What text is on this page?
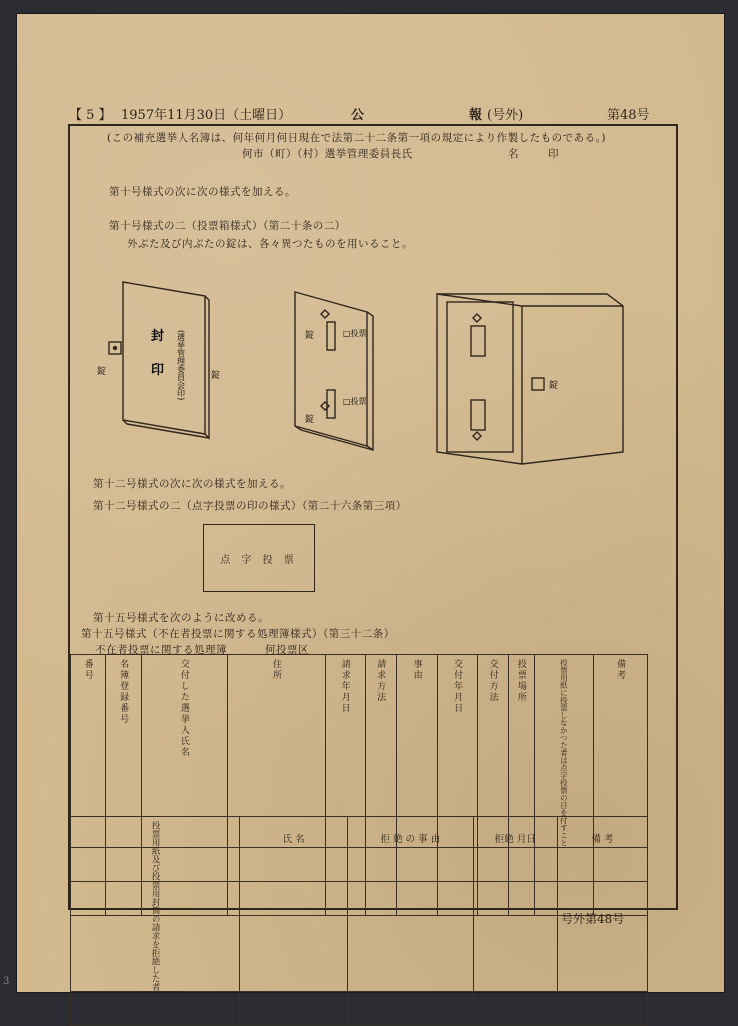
【 5 】 1957年11月30日（土曜日）	公	報 (号外)	第48号
(この補充選挙人名簿は、何年何月何日現在で法第二十二条第一項の規定により作製したものである。)
何市（町）（村）選挙管理委員長氏	名	印
第十号様式の次に次の様式を加える。
第十号様式の二（投票箱様式）（第二十条の二）
外ぶた及び内ぶたの錠は、各々異つたものを用いること。
錠
封
印 (選挙管理委員会印)	錠
錠
錠
□投票
□投票
錠
第十二号様式の次に次の様式を加える。
第十二号様式の二（点字投票の印の様式）（第二十六条第三項）
点 字 投 票
第十五号様式を次のように改める。
第十五号様式（不在者投票に関する処理簿様式）（第三十二条）
不在者投票に関する処理簿	何投票区
番号	名簿登録番号	交付した選挙人氏名	住所	請求年月日	請求方法	事由	交付年月日	交付方法	投票場所	投票用紙に投票しなかつた者は点字投票の日を付すこと	備考

投票用紙及び投票用封筒の請求を拒絶した者	氏 名	拒 絶 の 事 由	拒絶 月日	備 考

号外第48号
3
